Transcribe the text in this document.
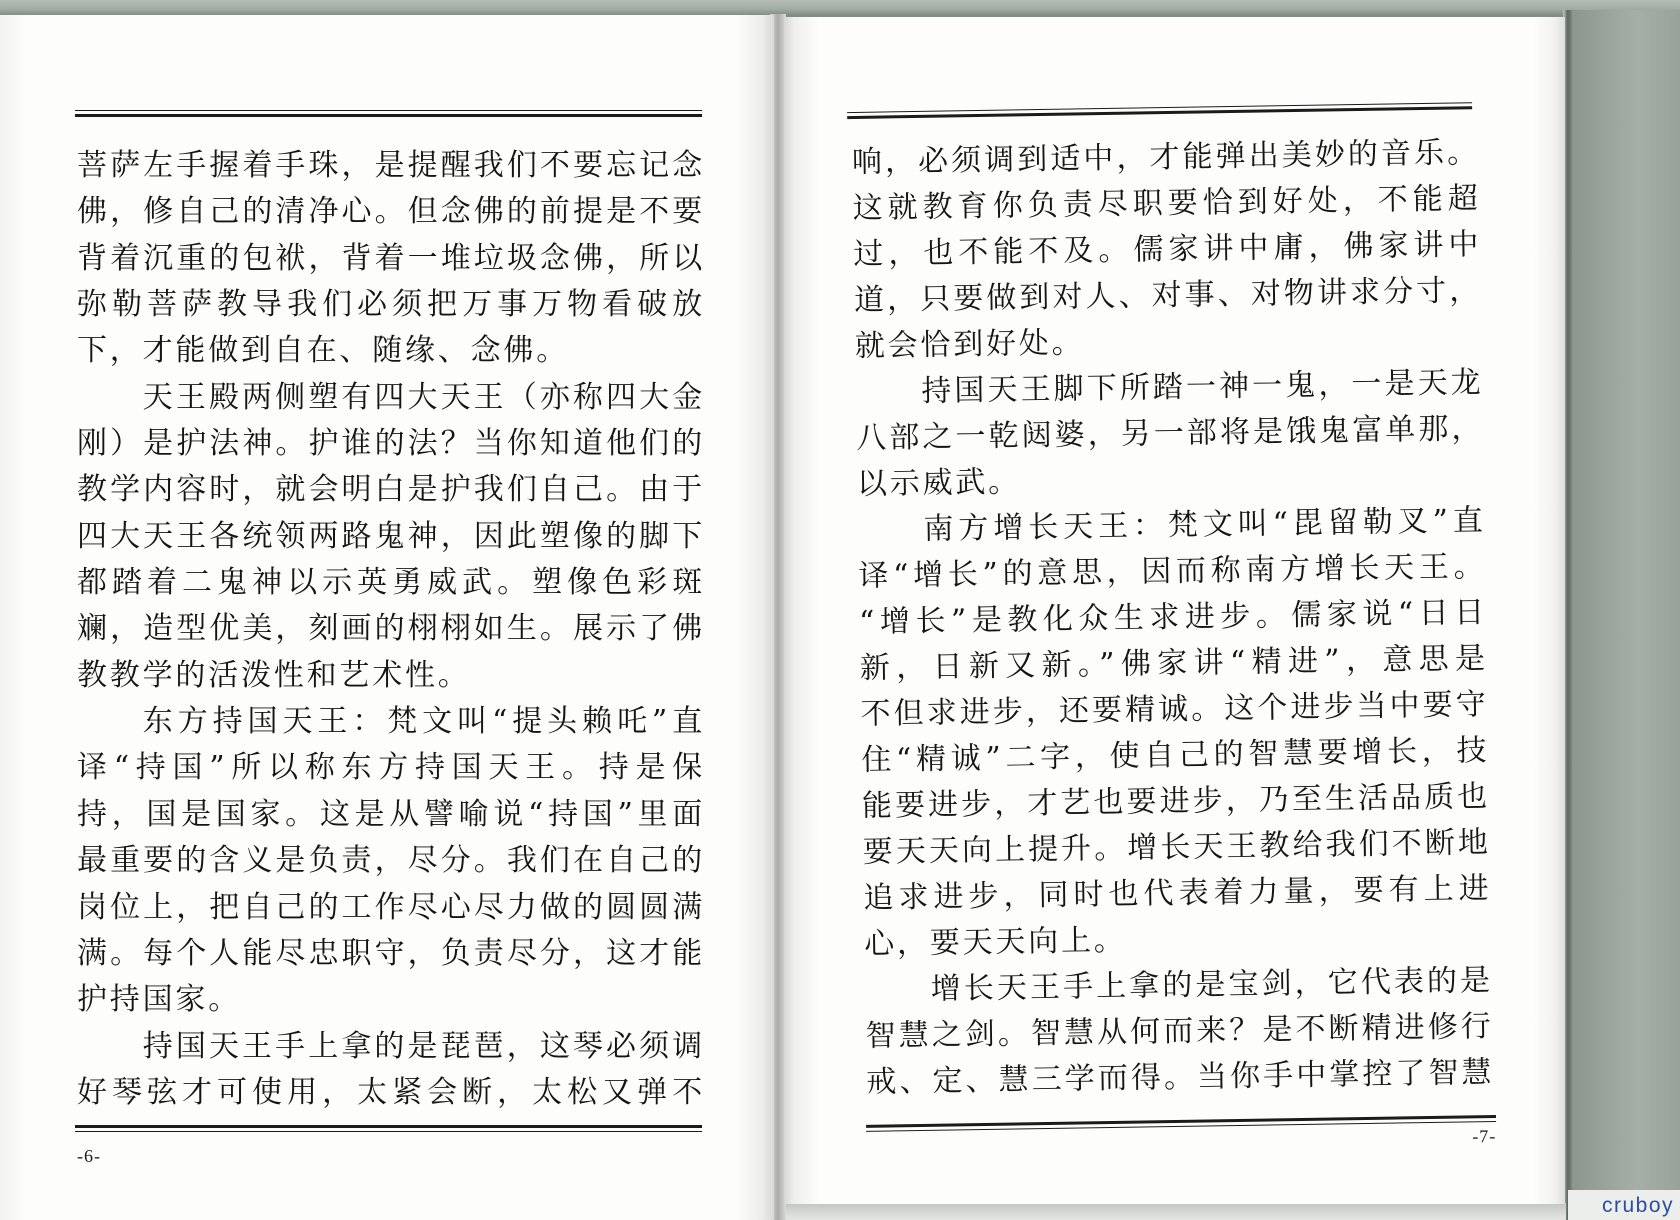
菩萨左手握着手珠，是提醒我们不要忘记念
佛，修自己的清净心。但念佛的前提是不要
背着沉重的包袱，背着一堆垃圾念佛，所以
弥勒菩萨教导我们必须把万事万物看破放
下，才能做到自在、随缘、念佛。
天王殿两侧塑有四大天王（亦称四大金
刚）是护法神。护谁的法？当你知道他们的
教学内容时，就会明白是护我们自己。由于
四大天王各统领两路鬼神，因此塑像的脚下
都踏着二鬼神以示英勇威武。塑像色彩斑
斓，造型优美，刻画的栩栩如生。展示了佛
教教学的活泼性和艺术性。
东方持国天王：梵文叫“提头赖吒”直
译“持国”所以称东方持国天王。持是保
持，国是国家。这是从譬喻说“持国”里面
最重要的含义是负责，尽分。我们在自己的
岗位上，把自己的工作尽心尽力做的圆圆满
满。每个人能尽忠职守，负责尽分，这才能
护持国家。
持国天王手上拿的是琵琶，这琴必须调
好琴弦才可使用，太紧会断，太松又弹不
-6-
响，必须调到适中，才能弹出美妙的音乐。
这就教育你负责尽职要恰到好处，不能超
过，也不能不及。儒家讲中庸，佛家讲中
道，只要做到对人、对事、对物讲求分寸，
就会恰到好处。
持国天王脚下所踏一神一鬼，一是天龙
八部之一乾闼婆，另一部将是饿鬼富单那，
以示威武。
南方增长天王：梵文叫“毘留勒叉”直
译“增长”的意思，因而称南方增长天王。
“增长”是教化众生求进步。儒家说“日日
新，日新又新。”佛家讲“精进”，意思是
不但求进步，还要精诚。这个进步当中要守
住“精诚”二字，使自己的智慧要增长，技
能要进步，才艺也要进步，乃至生活品质也
要天天向上提升。增长天王教给我们不断地
追求进步，同时也代表着力量，要有上进
心，要天天向上。
增长天王手上拿的是宝剑，它代表的是
智慧之剑。智慧从何而来？是不断精进修行
戒、定、慧三学而得。当你手中掌控了智慧
-7-
cruboy
